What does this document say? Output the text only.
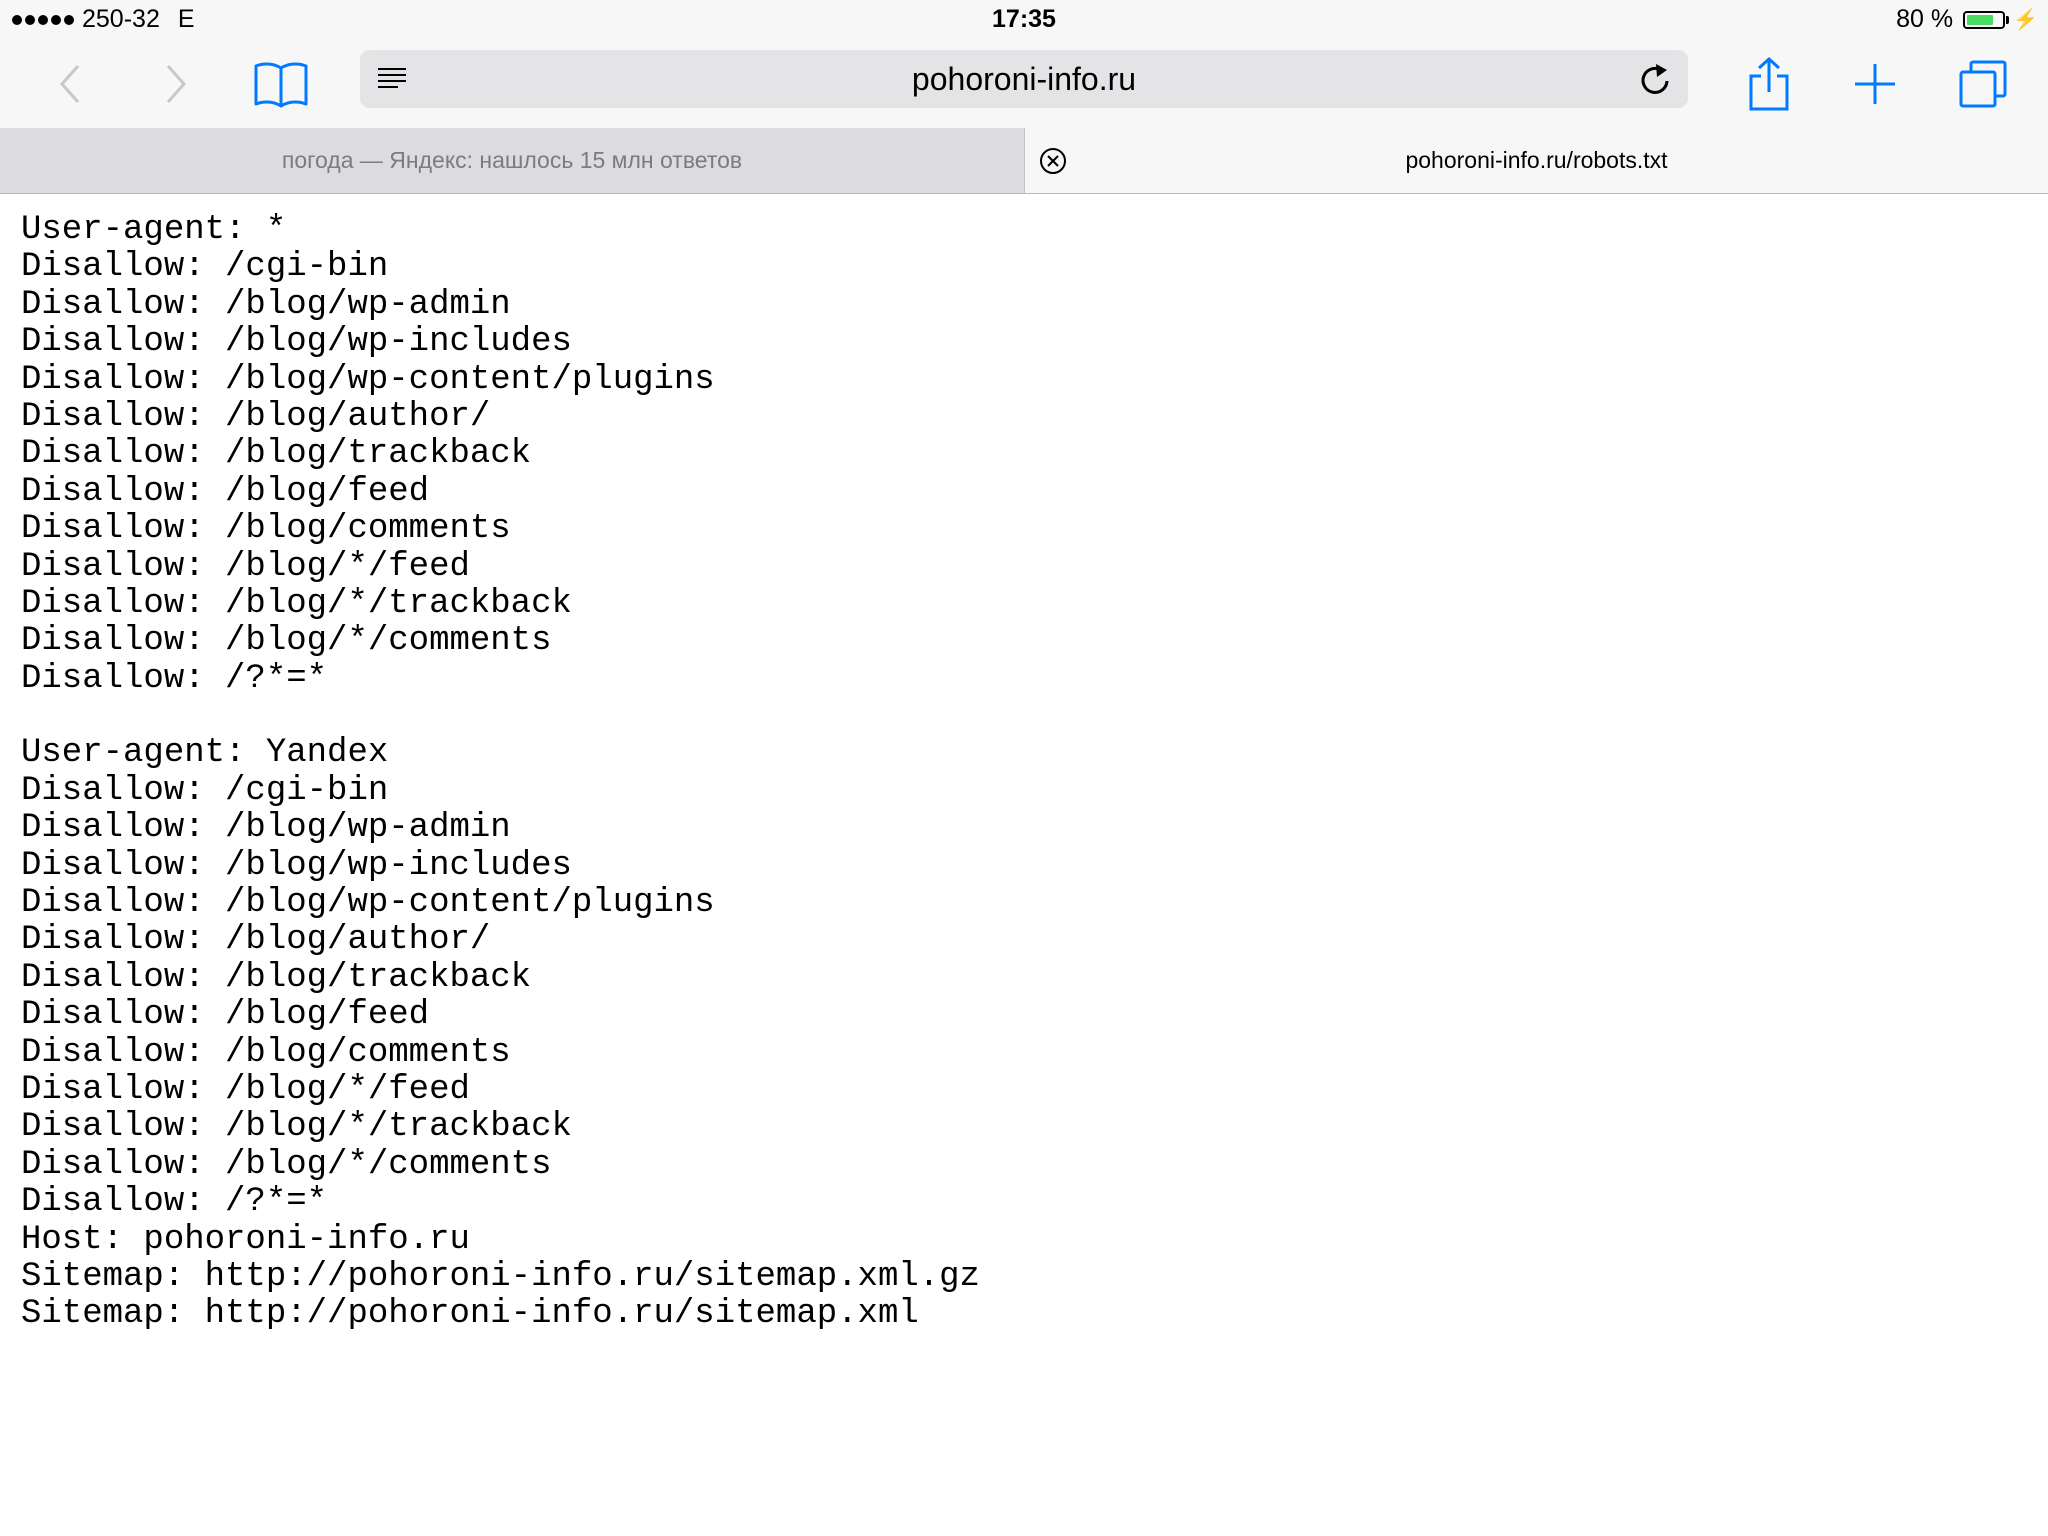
250-32 E	17:35	80 %	⚡
pohoroni-info.ru
погода — Яндекс: нашлось 15 млн ответов	pohoroni-info.ru/robots.txt
User-agent: *
Disallow: /cgi-bin
Disallow: /blog/wp-admin
Disallow: /blog/wp-includes
Disallow: /blog/wp-content/plugins
Disallow: /blog/author/
Disallow: /blog/trackback
Disallow: /blog/feed
Disallow: /blog/comments
Disallow: /blog/*/feed
Disallow: /blog/*/trackback
Disallow: /blog/*/comments
Disallow: /?*=*
User-agent: Yandex
Disallow: /cgi-bin
Disallow: /blog/wp-admin
Disallow: /blog/wp-includes
Disallow: /blog/wp-content/plugins
Disallow: /blog/author/
Disallow: /blog/trackback
Disallow: /blog/feed
Disallow: /blog/comments
Disallow: /blog/*/feed
Disallow: /blog/*/trackback
Disallow: /blog/*/comments
Disallow: /?*=*
Host: pohoroni-info.ru
Sitemap: http://pohoroni-info.ru/sitemap.xml.gz
Sitemap: http://pohoroni-info.ru/sitemap.xml
